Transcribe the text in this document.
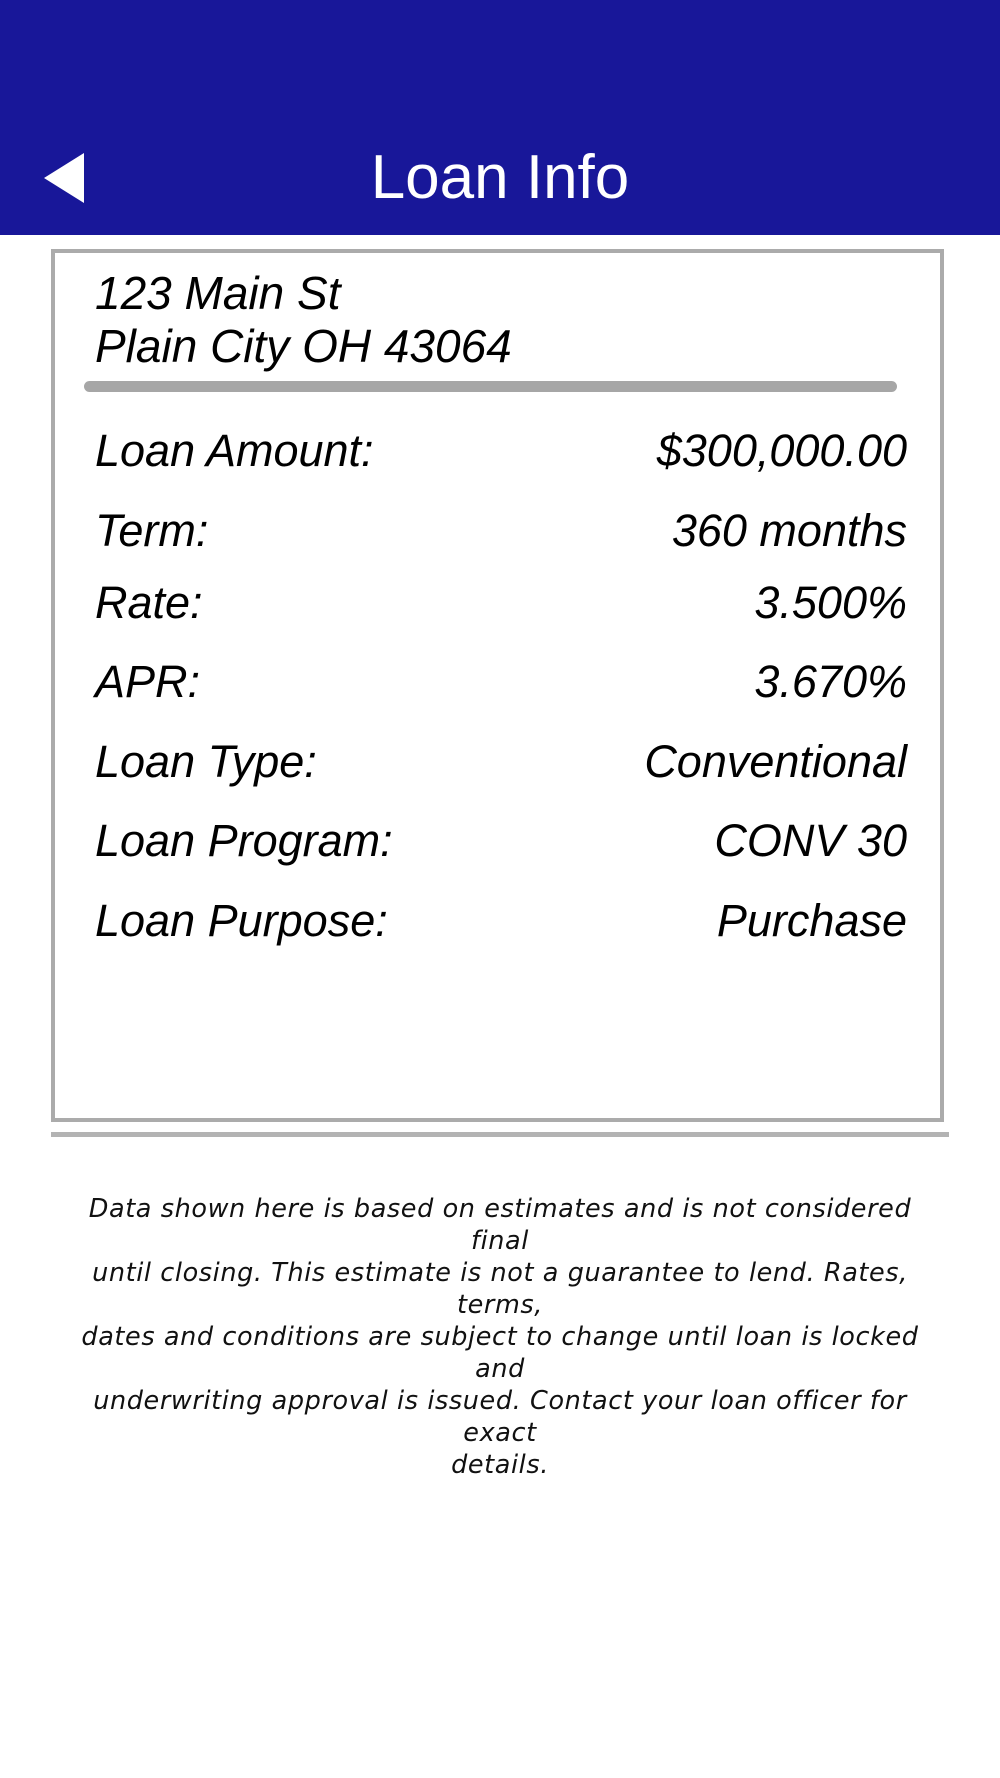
Loan Info
123 Main St
Plain City OH 43064
Loan Amount:	$300,000.00
Term:	360 months
Rate:	3.500%
APR:	3.670%
Loan Type:	Conventional
Loan Program:	CONV 30
Loan Purpose:	Purchase
Data shown here is based on estimates and is not considered final
until closing. This estimate is not a guarantee to lend. Rates, terms,
dates and conditions are subject to change until loan is locked and
underwriting approval is issued. Contact your loan officer for exact
details.
